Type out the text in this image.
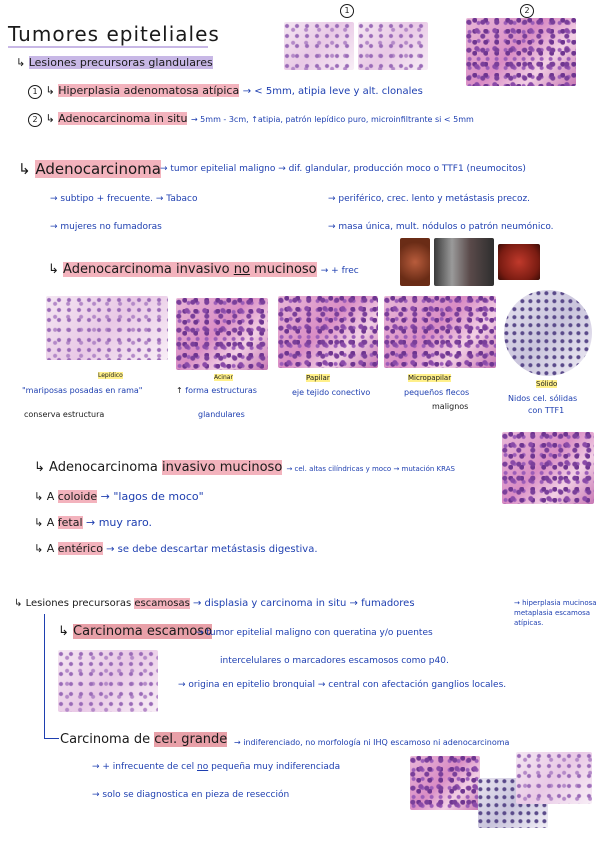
Tumores epiteliales
1	2
↳ Lesiones precursoras glandulares
1 ↳ Hiperplasia adenomatosa atípica → < 5mm, atipia leve y alt. clonales
2 ↳ Adenocarcinoma in situ → 5mm - 3cm, ↑atipia, patrón lepídico puro, microinfiltrante si < 5mm
↳ Adenocarcinoma → tumor epitelial maligno → dif. glandular, producción moco o TTF1 (neumocitos)
→ subtipo + frecuente. → Tabaco
→ mujeres no fumadoras
→ periférico, crec. lento y metástasis precoz.
→ masa única, mult. nódulos o patrón neumónico.
↳ Adenocarcinoma invasivo no mucinoso → + frec
Lepídico
"mariposas posadas en rama"
conserva estructura
Acinar
↑ forma estructuras
glandulares
Papilar
eje tejido conectivo
Micropapilar
pequeños flecos
malignos
Sólido
Nidos cel. sólidas
con TTF1
↳ Adenocarcinoma invasivo mucinoso → cel. altas cilíndricas y moco → mutación KRAS
↳ A coloide → "lagos de moco"
↳ A fetal → muy raro.
↳ A entérico → se debe descartar metástasis digestiva.
↳ Lesiones precursoras escamosas → displasia y carcinoma in situ → fumadores	→ hiperplasia mucinosa metaplasia escamosa atípicas.
↳ Carcinoma escamoso
→ tumor epitelial maligno con queratina y/o puentes
intercelulares o marcadores escamosos como p40.
→ origina en epitelio bronquial → central con afectación ganglios locales.
Carcinoma de cel. grande → indiferenciado, no morfología ni IHQ escamoso ni adenocarcinoma
→ + infrecuente de cel no pequeña muy indiferenciada
→ solo se diagnostica en pieza de resección
